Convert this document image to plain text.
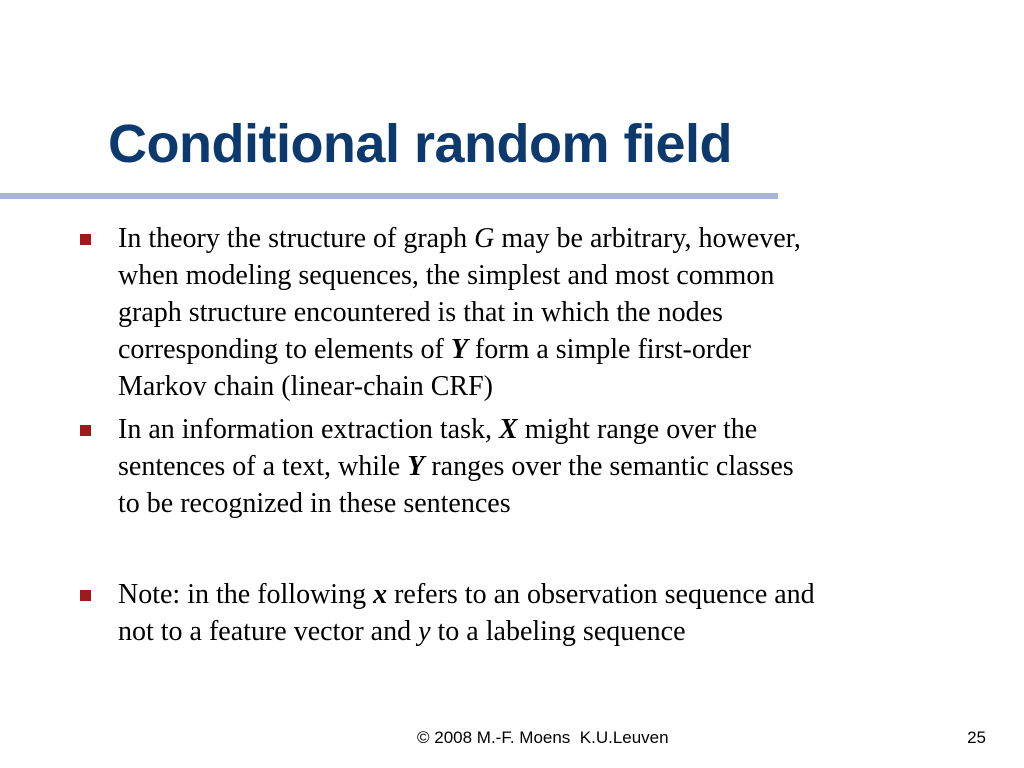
Conditional random field

In theory the structure of graph G may be arbitrary, however,
when modeling sequences, the simplest and most common
graph structure encountered is that in which the nodes
corresponding to elements of Y form a simple first-order
Markov chain (linear-chain CRF)

In an information extraction task, X might range over the
sentences of a text, while Y ranges over the semantic classes
to be recognized in these sentences

Note: in the following x refers to an observation sequence and
not to a feature vector and y to a labeling sequence

© 2008 M.-F. Moens  K.U.Leuven	25
